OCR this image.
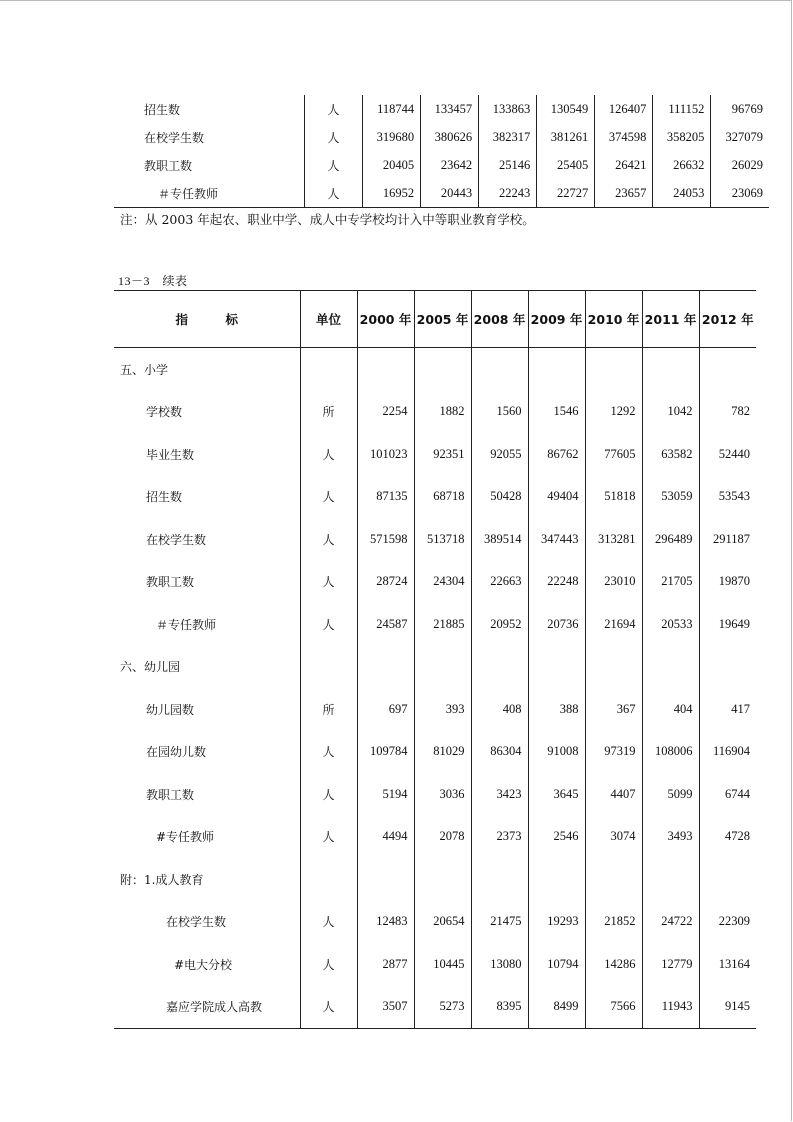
招生数	人	118744	133457	133863	130549	126407	111152	96769
在校学生数	人	319680	380626	382317	381261	374598	358205	327079
教职工数	人	20405	23642	25146	25405	26421	26632	26029
＃专任教师	人	16952	20443	22243	22727	23657	24053	23069
注：从 2003 年起农、职业中学、成人中专学校均计入中等职业教育学校。
13－3　续表
指　　　标	单位	2000 年	2005 年	2008 年	2009 年	2010 年	2011 年	2012 年
五、小学								
学校数	所	2254	1882	1560	1546	1292	1042	782
毕业生数	人	101023	92351	92055	86762	77605	63582	52440
招生数	人	87135	68718	50428	49404	51818	53059	53543
在校学生数	人	571598	513718	389514	347443	313281	296489	291187
教职工数	人	28724	24304	22663	22248	23010	21705	19870
＃专任教师	人	24587	21885	20952	20736	21694	20533	19649
六、幼儿园								
幼儿园数	所	697	393	408	388	367	404	417
在园幼儿数	人	109784	81029	86304	91008	97319	108006	116904
教职工数	人	5194	3036	3423	3645	4407	5099	6744
#专任教师	人	4494	2078	2373	2546	3074	3493	4728
附：1.成人教育								
在校学生数	人	12483	20654	21475	19293	21852	24722	22309
#电大分校	人	2877	10445	13080	10794	14286	12779	13164
嘉应学院成人高教	人	3507	5273	8395	8499	7566	11943	9145
